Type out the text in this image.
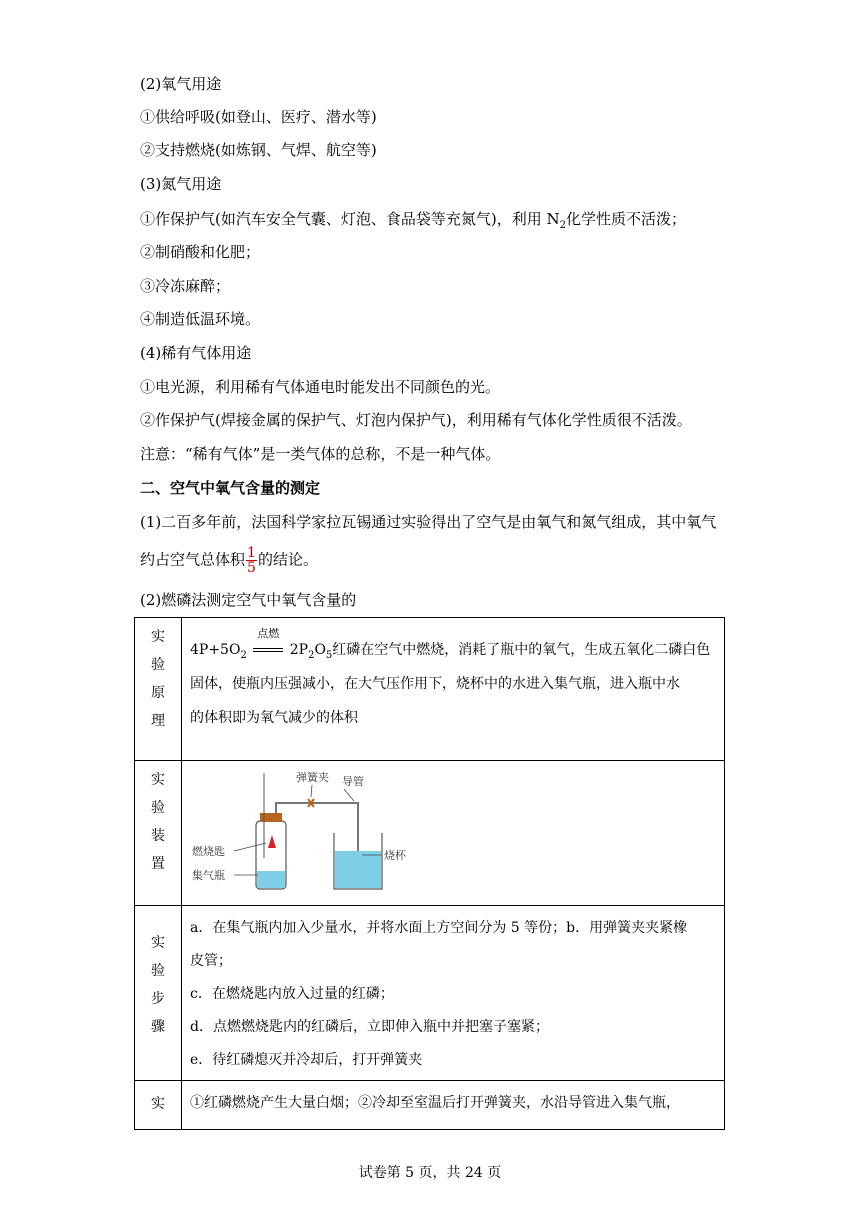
(2)氧气用途
①供给呼吸(如登山、医疗、潜水等)
②支持燃烧(如炼钢、气焊、航空等)
(3)氮气用途
①作保护气(如汽车安全气囊、灯泡、食品袋等充氮气)，利用 $N_2$化学性质不活泼；
②制硝酸和化肥；
③冷冻麻醉；
④制造低温环境。
(4)稀有气体用途
①电光源，利用稀有气体通电时能发出不同颜色的光。
②作保护气(焊接金属的保护气、灯泡内保护气)，利用稀有气体化学性质很不活泼。
注意：“稀有气体”是一类气体的总称，不是一种气体。
二、空气中氧气含量的测定
(1)二百多年前，法国科学家拉瓦锡通过实验得出了空气是由氧气和氮气组成，其中氧气
约占空气总体积 $\frac{1}{5}$ 的结论。
(2)燃磷法测定空气中氧气含量的
实
验
原
理	$4P+5O_2$
点燃
$2P_2O_5$红磷在空气中燃烧，消耗了瓶中的氧气，生成五氧化二磷白色
固体，使瓶内压强减小，在大气压作用下，烧杯中的水进入集气瓶，进入瓶中水
的体积即为氧气减少的体积

实
验
装
置	弹簧夹 导管
燃烧匙
集气瓶
烧杯

实
验
步
骤	a．在集气瓶内加入少量水，并将水面上方空间分为 5 等份；b．用弹簧夹夹紧橡
皮管；
c．在燃烧匙内放入过量的红磷；
d．点燃燃烧匙内的红磷后，立即伸入瓶中并把塞子塞紧；
e．待红磷熄灭并冷却后，打开弹簧夹

实	①红磷燃烧产生大量白烟；②冷却至室温后打开弹簧夹，水沿导管进入集气瓶，
试卷第 5 页，共 24 页
